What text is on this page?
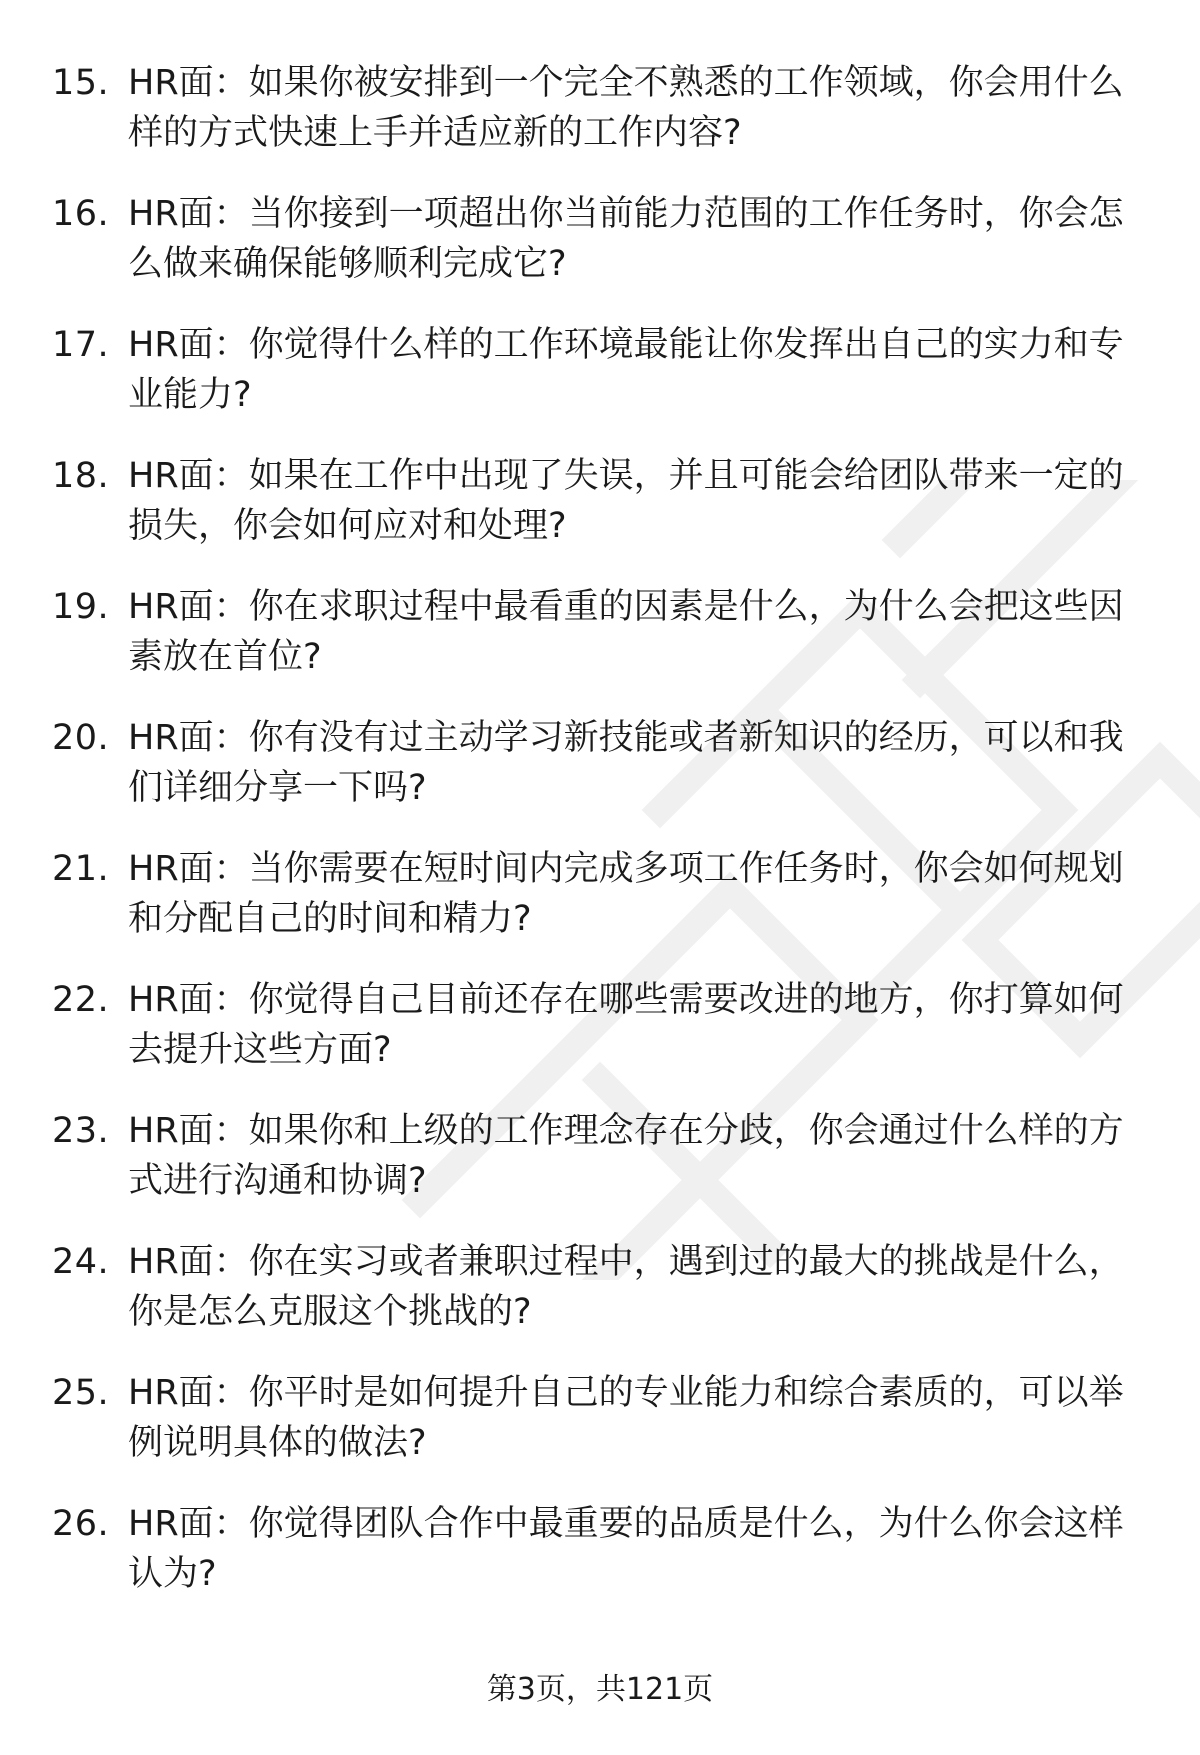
15. HR面：如果你被安排到一个完全不熟悉的工作领域，你会用什么样的方式快速上手并适应新的工作内容?
16. HR面：当你接到一项超出你当前能力范围的工作任务时，你会怎么做来确保能够顺利完成它?
17. HR面：你觉得什么样的工作环境最能让你发挥出自己的实力和专业能力?
18. HR面：如果在工作中出现了失误，并且可能会给团队带来一定的损失，你会如何应对和处理?
19. HR面：你在求职过程中最看重的因素是什么，为什么会把这些因素放在首位?
20. HR面：你有没有过主动学习新技能或者新知识的经历，可以和我们详细分享一下吗?
21. HR面：当你需要在短时间内完成多项工作任务时，你会如何规划和分配自己的时间和精力?
22. HR面：你觉得自己目前还存在哪些需要改进的地方，你打算如何去提升这些方面?
23. HR面：如果你和上级的工作理念存在分歧，你会通过什么样的方式进行沟通和协调?
24. HR面：你在实习或者兼职过程中，遇到过的最大的挑战是什么，你是怎么克服这个挑战的?
25. HR面：你平时是如何提升自己的专业能力和综合素质的，可以举例说明具体的做法?
26. HR面：你觉得团队合作中最重要的品质是什么，为什么你会这样认为?
第3页，共121页
